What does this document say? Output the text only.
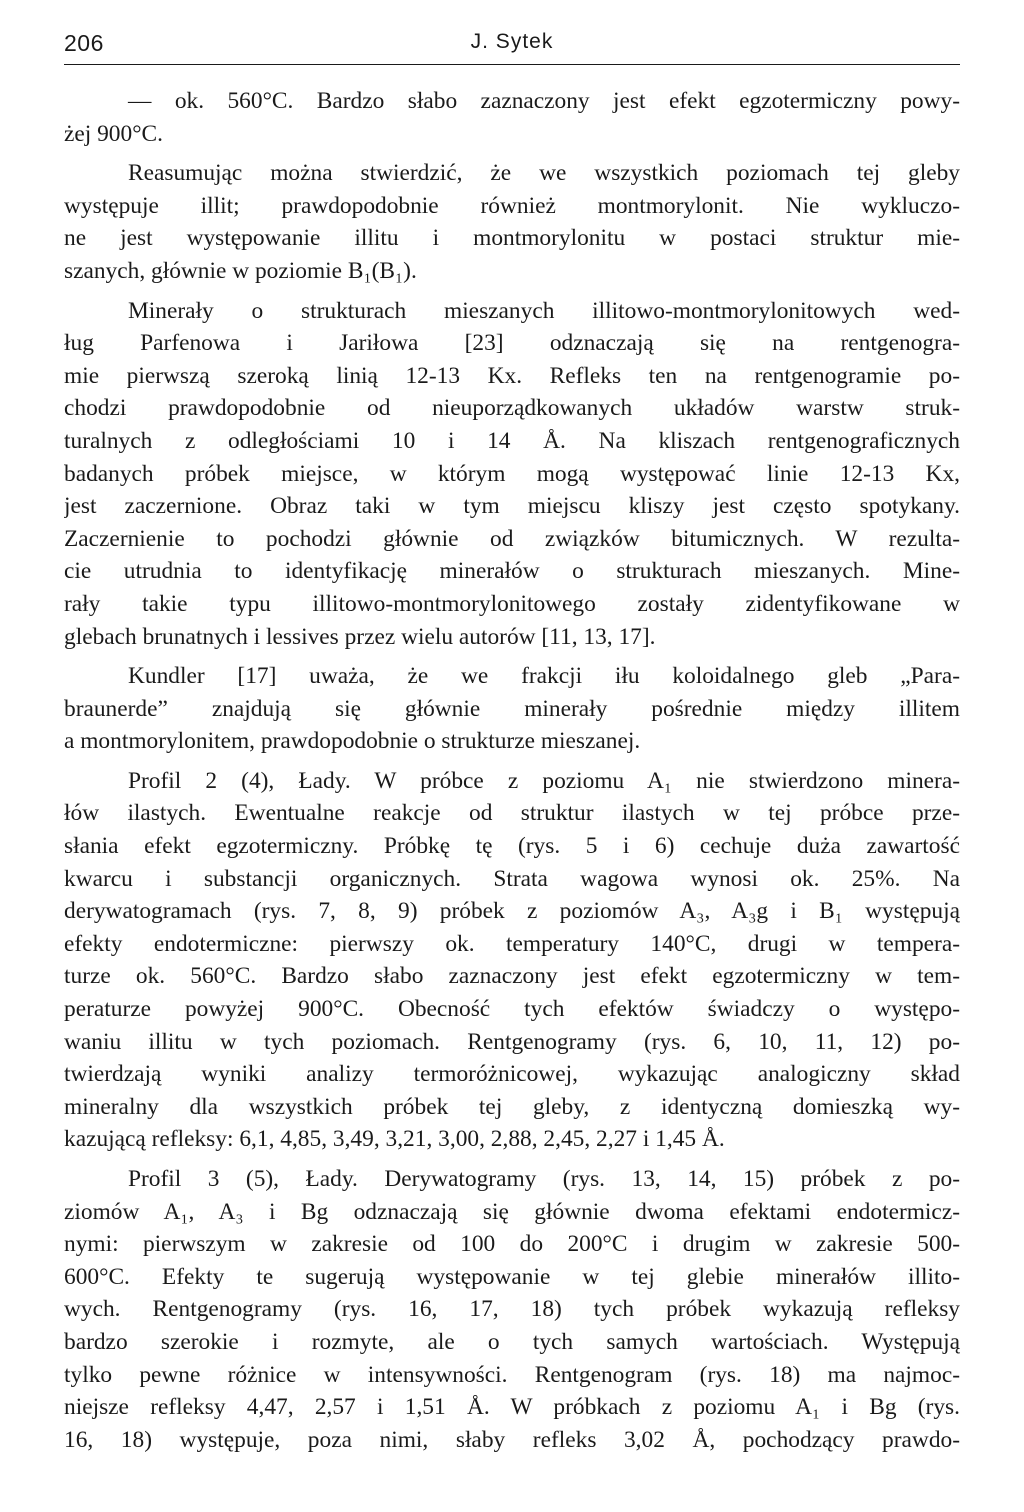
206	J. Sytek
— ok. 560°C. Bardzo słabo zaznaczony jest efekt egzotermiczny powy-
żej 900°C.
Reasumując można stwierdzić, że we wszystkich poziomach tej gleby
występuje illit; prawdopodobnie również montmorylonit. Nie wykluczo-
ne jest występowanie illitu i montmorylonitu w postaci struktur mie-
szanych, głównie w poziomie B₁(B₁).
Minerały o strukturach mieszanych illitowo-montmorylonitowych wed-
ług Parfenowa i Jariłowa [23] odznaczają się na rentgenogra-
mie pierwszą szeroką linią 12-13 Kx. Refleks ten na rentgenogramie po-
chodzi prawdopodobnie od nieuporządkowanych układów warstw struk-
turalnych z odległościami 10 i 14 Å. Na kliszach rentgenograficznych
badanych próbek miejsce, w którym mogą występować linie 12-13 Kx,
jest zaczernione. Obraz taki w tym miejscu kliszy jest często spotykany.
Zaczernienie to pochodzi głównie od związków bitumicznych. W rezulta-
cie utrudnia to identyfikację minerałów o strukturach mieszanych. Mine-
rały takie typu illitowo-montmorylonitowego zostały zidentyfikowane w
glebach brunatnych i lessives przez wielu autorów [11, 13, 17].
Kundler [17] uważa, że we frakcji iłu koloidalnego gleb „Para-
braunerde” znajdują się głównie minerały pośrednie między illitem
a montmorylonitem, prawdopodobnie o strukturze mieszanej.
Profil 2 (4), Łady. W próbce z poziomu A₁ nie stwierdzono minera-
łów ilastych. Ewentualne reakcje od struktur ilastych w tej próbce prze-
słania efekt egzotermiczny. Próbkę tę (rys. 5 i 6) cechuje duża zawartość
kwarcu i substancji organicznych. Strata wagowa wynosi ok. 25%. Na
derywatogramach (rys. 7, 8, 9) próbek z poziomów A₃, A₃g i B₁ występują
efekty endotermiczne: pierwszy ok. temperatury 140°C, drugi w tempera-
turze ok. 560°C. Bardzo słabo zaznaczony jest efekt egzotermiczny w tem-
peraturze powyżej 900°C. Obecność tych efektów świadczy o występo-
waniu illitu w tych poziomach. Rentgenogramy (rys. 6, 10, 11, 12) po-
twierdzają wyniki analizy termoróżnicowej, wykazując analogiczny skład
mineralny dla wszystkich próbek tej gleby, z identyczną domieszką wy-
kazującą refleksy: 6,1, 4,85, 3,49, 3,21, 3,00, 2,88, 2,45, 2,27 i 1,45 Å.
Profil 3 (5), Łady. Derywatogramy (rys. 13, 14, 15) próbek z po-
ziomów A₁, A₃ i Bg odznaczają się głównie dwoma efektami endotermicz-
nymi: pierwszym w zakresie od 100 do 200°C i drugim w zakresie 500-
600°C. Efekty te sugerują występowanie w tej glebie minerałów illito-
wych. Rentgenogramy (rys. 16, 17, 18) tych próbek wykazują refleksy
bardzo szerokie i rozmyte, ale o tych samych wartościach. Występują
tylko pewne różnice w intensywności. Rentgenogram (rys. 18) ma najmoc-
niejsze refleksy 4,47, 2,57 i 1,51 Å. W próbkach z poziomu A₁ i Bg (rys.
16, 18) występuje, poza nimi, słaby refleks 3,02 Å, pochodzący prawdo-
